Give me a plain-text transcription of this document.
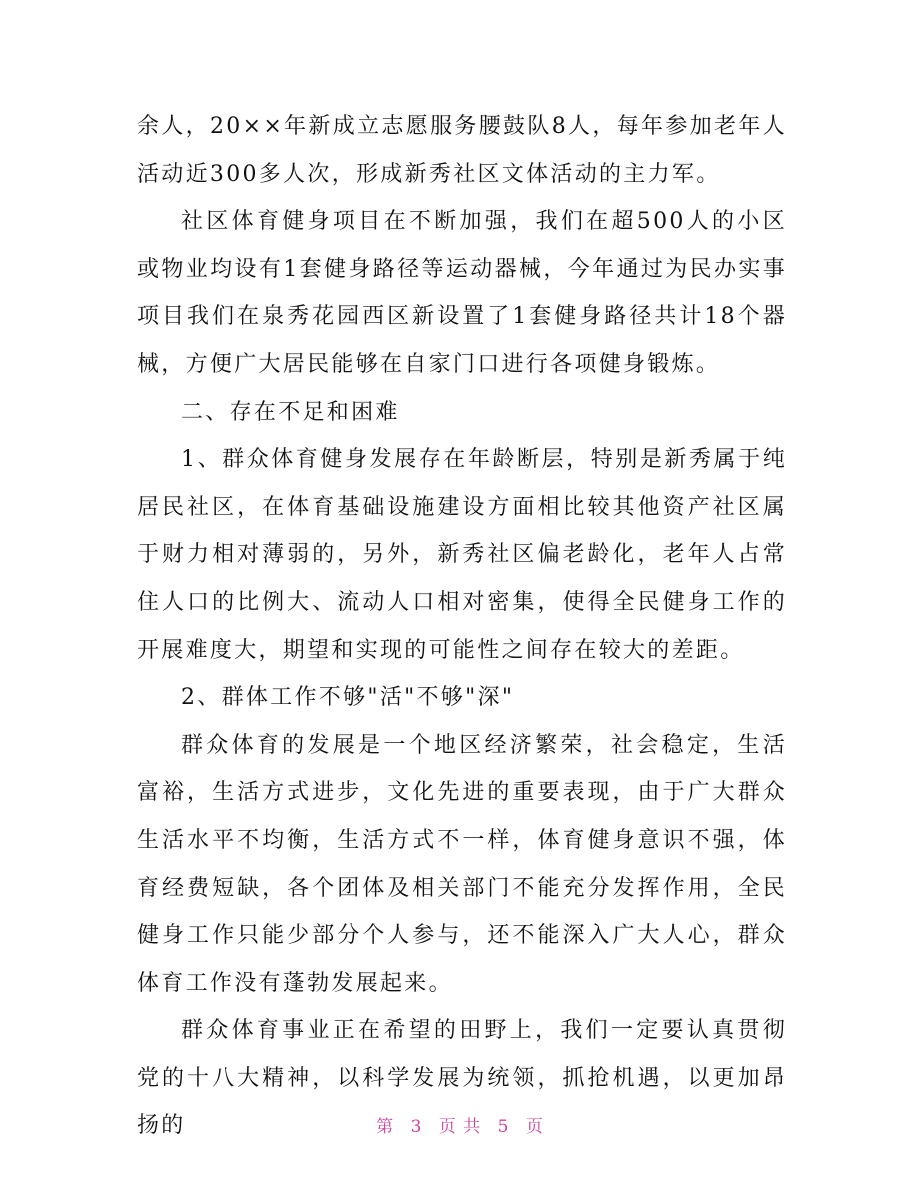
余人，20××年新成立志愿服务腰鼓队8人，每年参加老年人活动近300多人次，形成新秀社区文体活动的主力军。

社区体育健身项目在不断加强，我们在超500人的小区或物业均设有1套健身路径等运动器械，今年通过为民办实事项目我们在泉秀花园西区新设置了1套健身路径共计18个器械，方便广大居民能够在自家门口进行各项健身锻炼。

二、存在不足和困难

1、群众体育健身发展存在年龄断层，特别是新秀属于纯居民社区，在体育基础设施建设方面相比较其他资产社区属于财力相对薄弱的，另外，新秀社区偏老龄化，老年人占常住人口的比例大、流动人口相对密集，使得全民健身工作的开展难度大，期望和实现的可能性之间存在较大的差距。

2、群体工作不够"活"不够"深"

群众体育的发展是一个地区经济繁荣，社会稳定，生活富裕，生活方式进步，文化先进的重要表现，由于广大群众生活水平不均衡，生活方式不一样，体育健身意识不强，体育经费短缺，各个团体及相关部门不能充分发挥作用，全民健身工作只能少部分个人参与，还不能深入广大人心，群众体育工作没有蓬勃发展起来。

群众体育事业正在希望的田野上，我们一定要认真贯彻党的十八大精神，以科学发展为统领，抓抢机遇，以更加昂扬的	第 3 页 共 5 页
